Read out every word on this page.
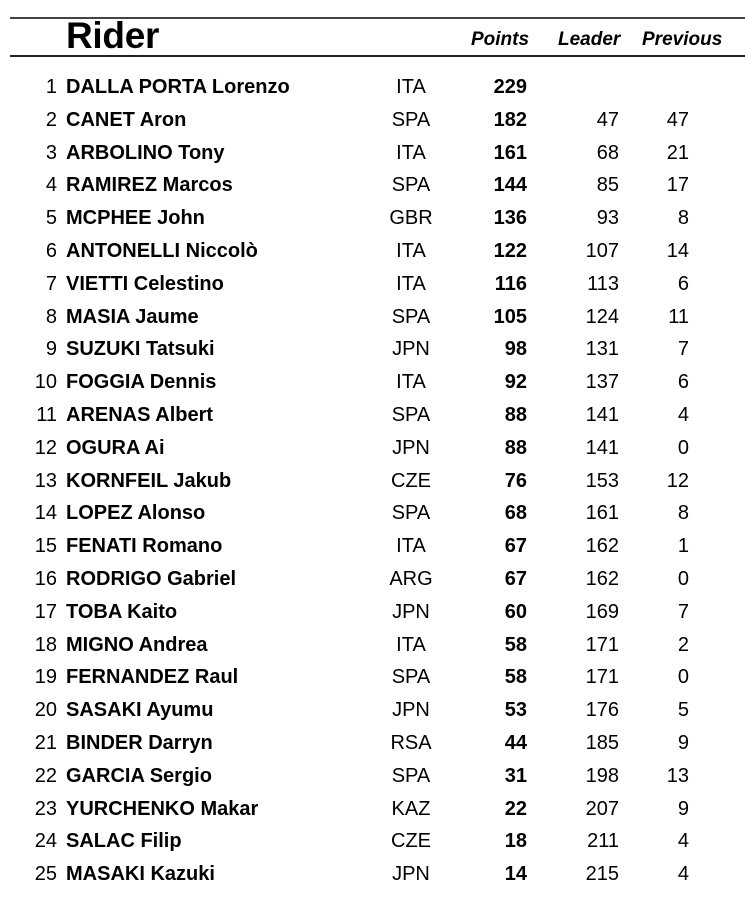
Rider	Points Leader Previous
1 DALLA PORTA Lorenzo	ITA	229
2 CANET Aron	SPA	182	47 47
3 ARBOLINO Tony	ITA	161	68 21
4 RAMIREZ Marcos	SPA	144	85 17
5 MCPHEE John	GBR	136	93	8
6 ANTONELLI Niccolò	ITA	122	107 14
7 VIETTI Celestino	ITA	116	113	6
8 MASIA Jaume	SPA	105	124 11
9 SUZUKI Tatsuki	JPN	98	131	7
10 FOGGIA Dennis	ITA	92	137	6
11 ARENAS Albert	SPA	88	141	4
12 OGURA Ai	JPN	88	141	0
13 KORNFEIL Jakub	CZE	76	153 12
14 LOPEZ Alonso	SPA	68	161	8
15 FENATI Romano	ITA	67	162	1
16 RODRIGO Gabriel	ARG	67	162	0
17 TOBA Kaito	JPN	60	169	7
18 MIGNO Andrea	ITA	58	171	2
19 FERNANDEZ Raul	SPA	58	171	0
20 SASAKI Ayumu	JPN	53	176	5
21 BINDER Darryn	RSA	44	185	9
22 GARCIA Sergio	SPA	31	198 13
23 YURCHENKO Makar	KAZ	22	207	9
24 SALAC Filip	CZE	18	211	4
25 MASAKI Kazuki	JPN	14	215	4
